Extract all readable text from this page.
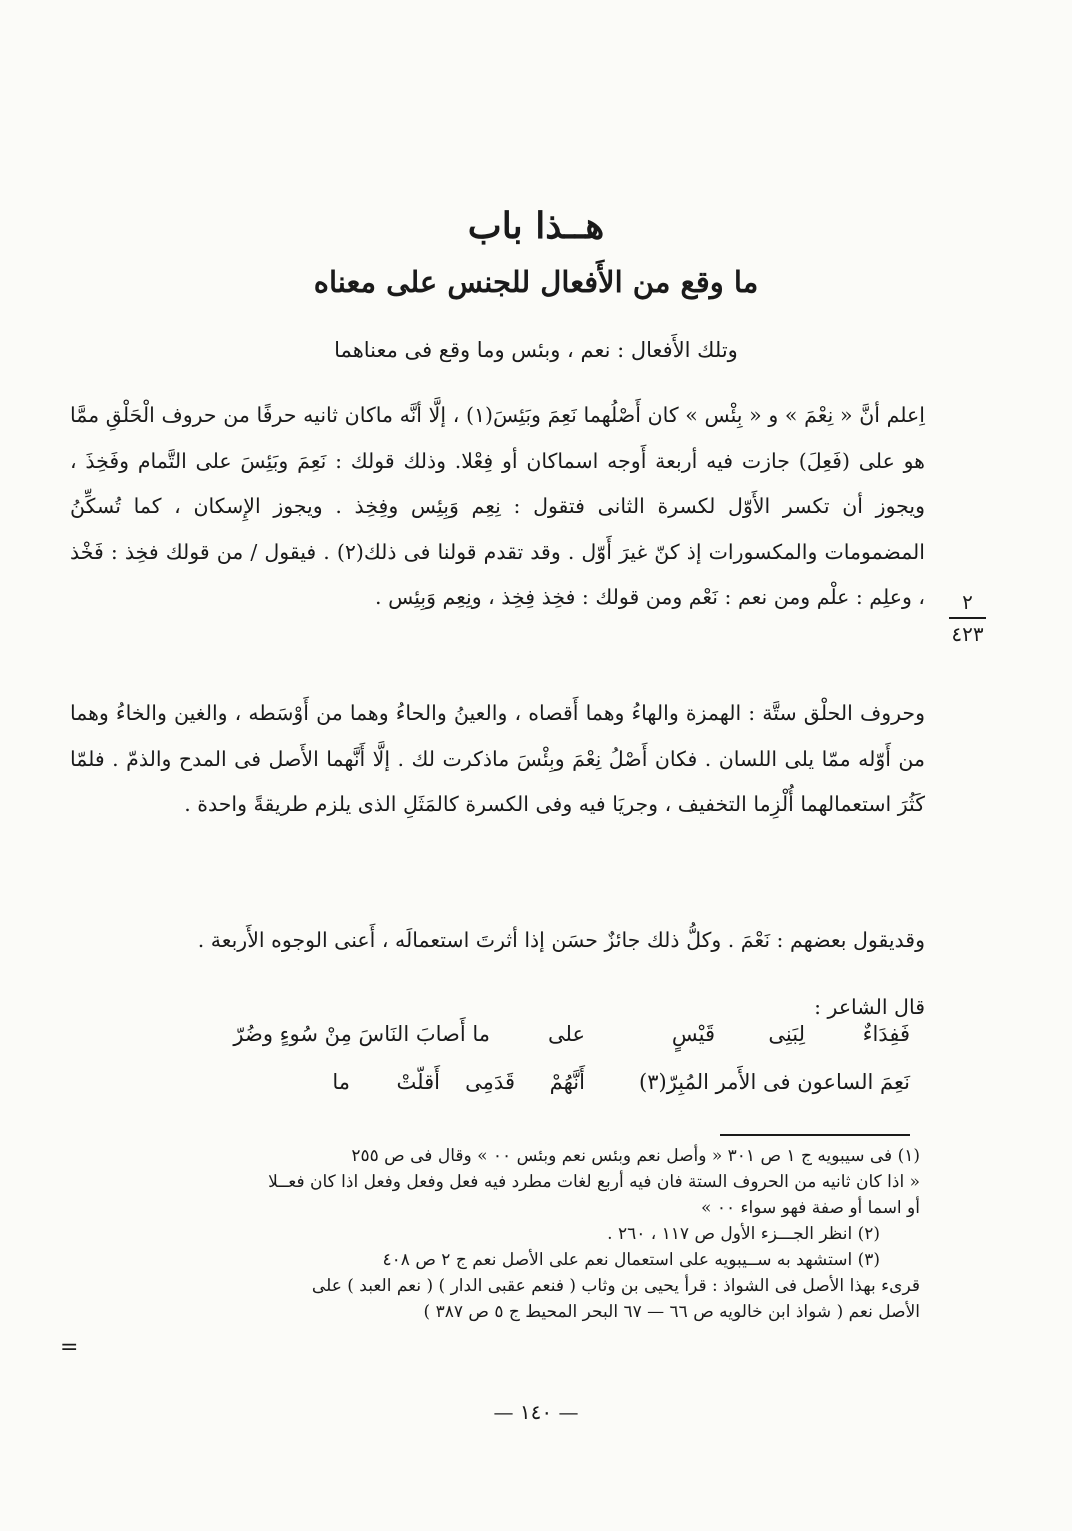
هــذا باب
ما وقع من الأَفعال للجنس على معناه
وتلك الأَفعال : نعم ، وبئس وما وقع فى معناهما

اِعلم أنَّ « نِعْمَ » و « بِئْس » كان أَصْلُهما نَعِمَ وبَئِسَ(١) ، إلَّا أنَّه ماكان ثانيه حرفًا من حروف الْحَلْقِ ممَّا هو على (فَعِلَ) جازت فيه أربعة أَوجه اسماكان أو فِعْلا. وذلك قولك : نَعِمَ وبَئِسَ على التَّمام وفَخِذَ ، ويجوز أن تكسر الأَوّل لكسرة الثانى فتقول : نِعِم وَبِئِس وفِخِذ . ويجوز الإِسكان ، كما تُسكِّنُ المضمومات والمكسورات إذ كنّ غيرَ أَوّل . وقد تقدم قولنا فى ذلك(٢) . فيقول / من قولك فخِذ : فَخْذ ، وعلِم : علْم ومن نعم : نَعْم ومن قولك : فخِذ فِخِذ ، ونِعِم وَبِئِس .

وحروف الحلْق ستَّة : الهمزة والهاءُ وهما أَقصاه ، والعينُ والحاءُ وهما من أَوْسَطه ، والغين والخاءُ وهما من أَوّله ممّا يلى اللسان . فكان أَصْلُ نِعْمَ وبِئْسَ ماذكرت لك . إلَّا أَنَّهما الأَصل فى المدح والذمّ . فلمّا كَثُرَ استعمالهما أُلْزِما التخفيف ، وجريَا فيه وفى الكسرة كالمَثَلِ الذى يلزم طريقةً واحدة .

وقديقول بعضهم : نَعْمَ . وكلُّ ذلك جائزٌ حسَن إذا أثرتَ استعمالَه ، أَعنى الوجوه الأَربعة .

قال الشاعر :

٢
٤٢٣
فَفِدَاءٌ
لِبَنِى
قَيْسٍ
على
ما أَصابَ النَاسَ مِنْ سُوءٍ وضُرّ
ما أَقلّتْ قَدَمِى أَنَّهُمْ	نَعِمَ الساعون فى الأَمر المُبِرّ(٣)
(١) فى سيبويه ج ١ ص ٣٠١ « وأصل نعم وبئس نعم وبئس ٠٠ » وقال فى ص ٢٥٥
« اذا كان ثانيه من الحروف الستة فان فيه أربع لغات مطرد فيه فعل وفعل وفعل اذا كان فعــلا
أو اسما أو صفة فهو سواء ٠٠ »
(٢) انظر الجـــزء الأول ص ١١٧ ، ٢٦٠ .
(٣) استشهد به ســيبويه على استعمال نعم على الأصل نعم ج ٢ ص ٤٠٨
قرىء بهذا الأصل فى الشواذ : قرأ يحيى بن وثاب ( فنعم عقبى الدار ) ( نعم العبد ) على
الأصل نعم ( شواذ ابن خالويه ص ٦٦ — ٦٧ البحر المحيط ج ٥ ص ٣٨٧ )
=
— ١٤٠ —
